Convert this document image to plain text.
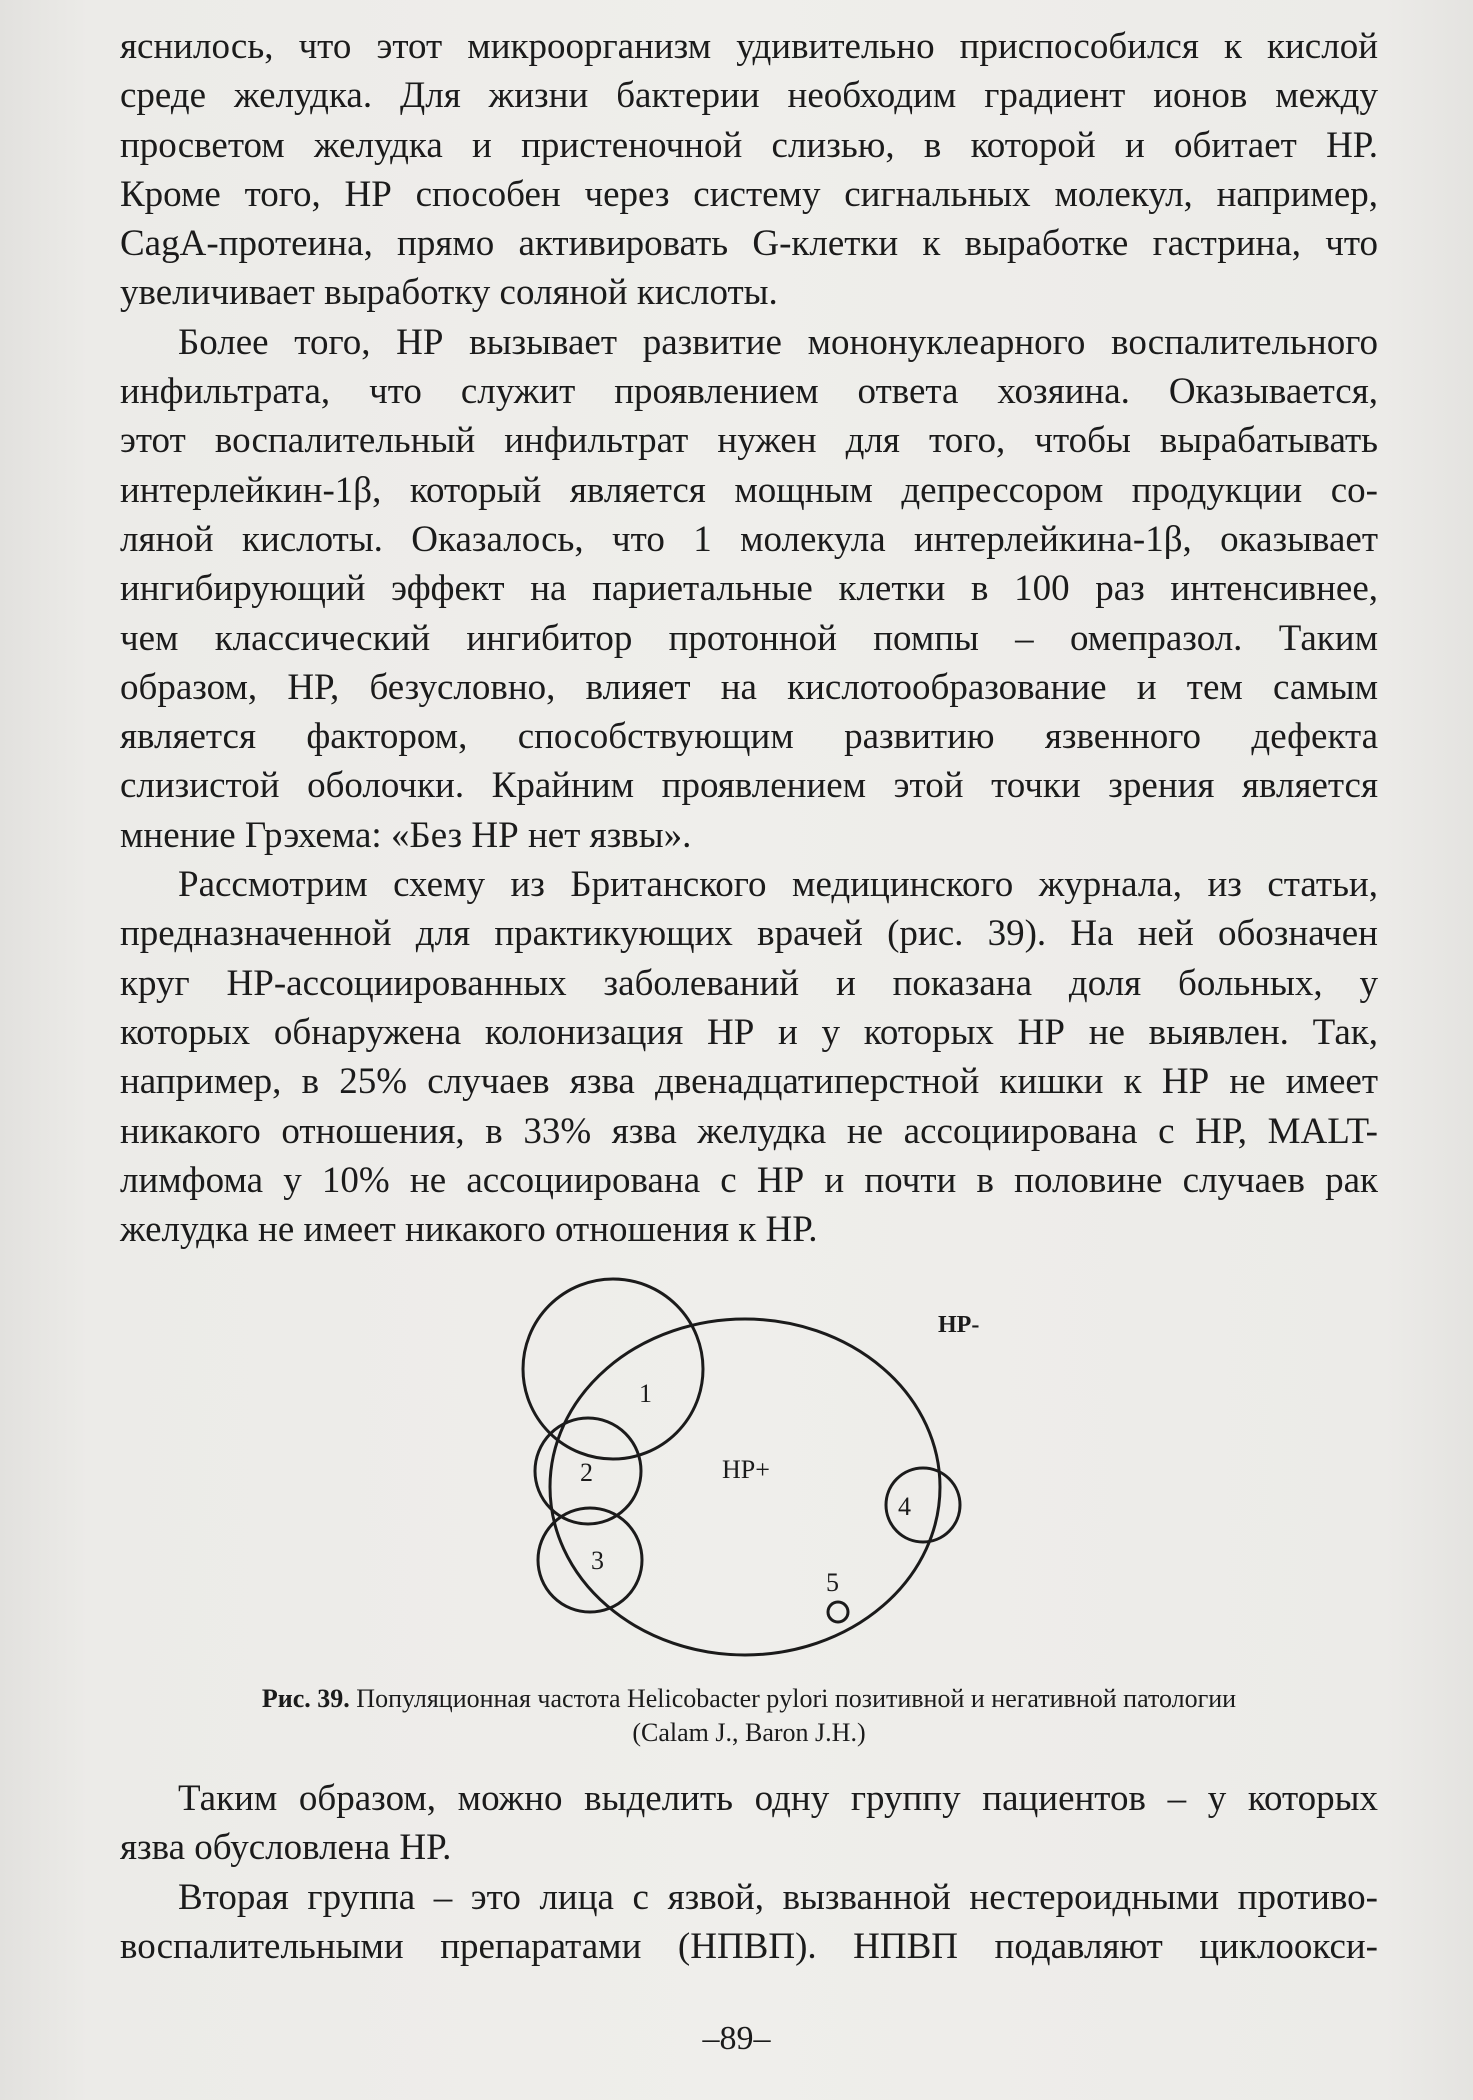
яснилось, что этот микроорганизм удивительно приспособился к кислой
среде желудка. Для жизни бактерии необходим градиент ионов между
просветом желудка и пристеночной слизью, в которой и обитает НР.
Кроме того, НР способен через систему сигнальных молекул, например,
CagA-протеина, прямо активировать G-клетки к выработке гастрина, что
увеличивает выработку соляной кислоты.

Более того, НР вызывает развитие мононуклеарного воспалительного
инфильтрата, что служит проявлением ответа хозяина. Оказывается,
этот воспалительный инфильтрат нужен для того, чтобы вырабатывать
интерлейкин-1β, который является мощным депрессором продукции со-
ляной кислоты. Оказалось, что 1 молекула интерлейкина-1β, оказывает
ингибирующий эффект на париетальные клетки в 100 раз интенсивнее,
чем классический ингибитор протонной помпы – омепразол. Таким
образом, НР, безусловно, влияет на кислотообразование и тем самым
является фактором, способствующим развитию язвенного дефекта
слизистой оболочки. Крайним проявлением этой точки зрения является
мнение Грэхема: «Без НР нет язвы».

Рассмотрим схему из Британского медицинского журнала, из статьи,
предназначенной для практикующих врачей (рис. 39). На ней обозначен
круг НР-ассоциированных заболеваний и показана доля больных, у
которых обнаружена колонизация НР и у которых НР не выявлен. Так,
например, в 25% случаев язва двенадцатиперстной кишки к НР не имеет
никакого отношения, в 33% язва желудка не ассоциирована с НР, MALT-
лимфома у 10% не ассоциирована с НР и почти в половине случаев рак
желудка не имеет никакого отношения к НР.

HP-
HP+
1
2
3
4
5
Рис. 39. Популяционная частота Helicobacter pylori позитивной и негативной патологии
(Calam J., Baron J.H.)

Таким образом, можно выделить одну группу пациентов – у которых
язва обусловлена НР.

Вторая группа – это лица с язвой, вызванной нестероидными противо-
воспалительными препаратами (НПВП). НПВП подавляют циклоокси-

–89–
